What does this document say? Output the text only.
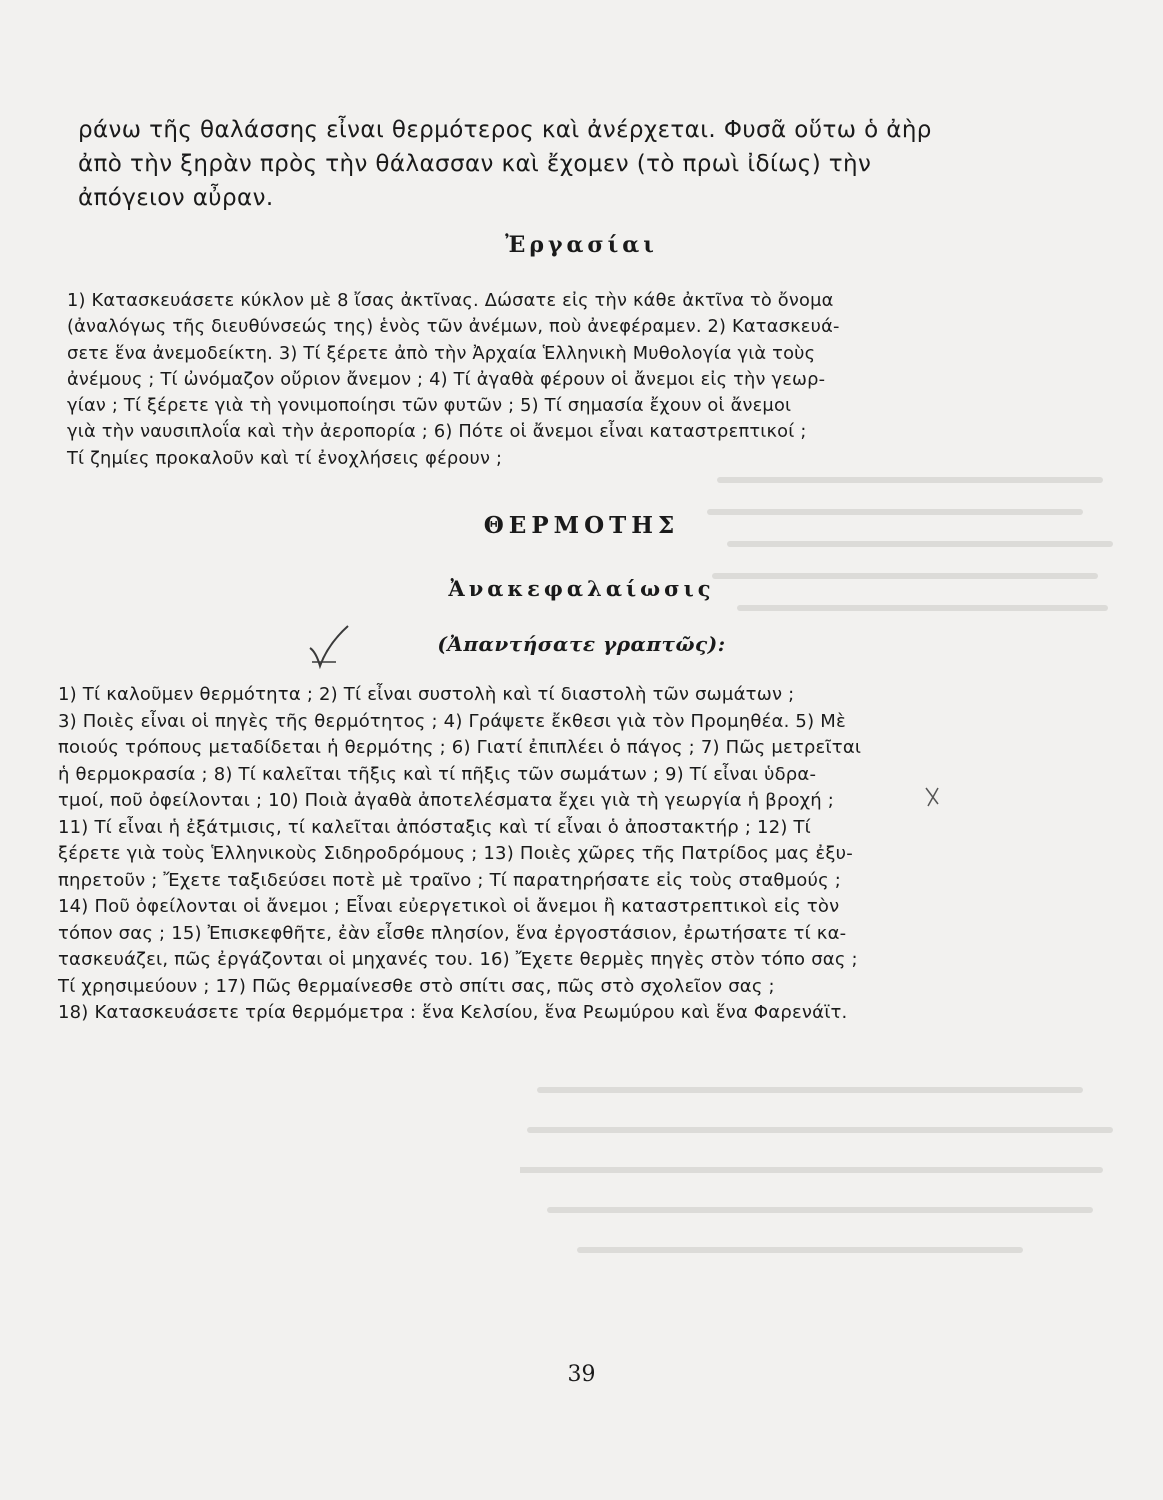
ράνω τῆς θαλάσσης εἶναι θερμότερος καὶ ἀνέρχεται. Φυσᾶ οὕτω ὁ ἀὴρ
ἀπὸ τὴν ξηρὰν πρὸς τὴν θάλασσαν καὶ ἔχομεν (τὸ πρωὶ ἰδίως) τὴν
ἀπόγειον αὖραν.
Ἐργασίαι
1) Κατασκευάσετε κύκλον μὲ 8 ἴσας ἀκτῖνας. Δώσατε εἰς τὴν κάθε ἀκτῖνα τὸ ὄνομα
(ἀναλόγως τῆς διευθύνσεώς της) ἑνὸς τῶν ἀνέμων, ποὺ ἀνεφέραμεν. 2) Κατασκευά-
σετε ἕνα ἀνεμοδείκτη. 3) Τί ξέρετε ἀπὸ τὴν Ἀρχαία Ἑλληνικὴ Μυθολογία γιὰ τοὺς
ἀνέμους ; Τί ὠνόμαζον οὔριον ἄνεμον ; 4) Τί ἀγαθὰ φέρουν οἱ ἄνεμοι εἰς τὴν γεωρ-
γίαν ; Τί ξέρετε γιὰ τὴ γονιμοποίησι τῶν φυτῶν ; 5) Τί σημασία ἔχουν οἱ ἄνεμοι
γιὰ τὴν ναυσιπλοΐα καὶ τὴν ἀεροπορία ; 6) Πότε οἱ ἄνεμοι εἶναι καταστρεπτικοί ;
Τί ζημίες προκαλοῦν καὶ τί ἐνοχλήσεις φέρουν ;
ΘΕΡΜΟΤΗΣ
Ἀνακεφαλαίωσις
(Ἀπαντήσατε γραπτῶς):
1) Τί καλοῦμεν θερμότητα ; 2) Τί εἶναι συστολὴ καὶ τί διαστολὴ τῶν σωμάτων ;
3) Ποιὲς εἶναι οἱ πηγὲς τῆς θερμότητος ; 4) Γράψετε ἔκθεσι γιὰ τὸν Προμηθέα. 5) Μὲ
ποιούς τρόπους μεταδίδεται ἡ θερμότης ; 6) Γιατί ἐπιπλέει ὁ πάγος ; 7) Πῶς μετρεῖται
ἡ θερμοκρασία ; 8) Τί καλεῖται τῆξις καὶ τί πῆξις τῶν σωμάτων ; 9) Τί εἶναι ὑδρα-
τμοί, ποῦ ὀφείλονται ; 10) Ποιὰ ἀγαθὰ ἀποτελέσματα ἔχει γιὰ τὴ γεωργία ἡ βροχή ;
11) Τί εἶναι ἡ ἐξάτμισις, τί καλεῖται ἀπόσταξις καὶ τί εἶναι ὁ ἀποστακτήρ ; 12) Τί
ξέρετε γιὰ τοὺς Ἑλληνικοὺς Σιδηροδρόμους ; 13) Ποιὲς χῶρες τῆς Πατρίδος μας ἐξυ-
πηρετοῦν ; Ἔχετε ταξιδεύσει ποτὲ μὲ τραῖνο ; Τί παρατηρήσατε εἰς τοὺς σταθμούς ;
14) Ποῦ ὀφείλονται οἱ ἄνεμοι ; Εἶναι εὐεργετικοὶ οἱ ἄνεμοι ἢ καταστρεπτικοὶ εἰς τὸν
τόπον σας ; 15) Ἐπισκεφθῆτε, ἐὰν εἶσθε πλησίον, ἕνα ἐργοστάσιον, ἐρωτήσατε τί κα-
τασκευάζει, πῶς ἐργάζονται οἱ μηχανές του. 16) Ἔχετε θερμὲς πηγὲς στὸν τόπο σας ;
Τί χρησιμεύουν ; 17) Πῶς θερμαίνεσθε στὸ σπίτι σας, πῶς στὸ σχολεῖον σας ;
18) Κατασκευάσετε τρία θερμόμετρα : ἕνα Κελσίου, ἕνα Ρεωμύρου καὶ ἕνα Φαρενάϊτ.
39
